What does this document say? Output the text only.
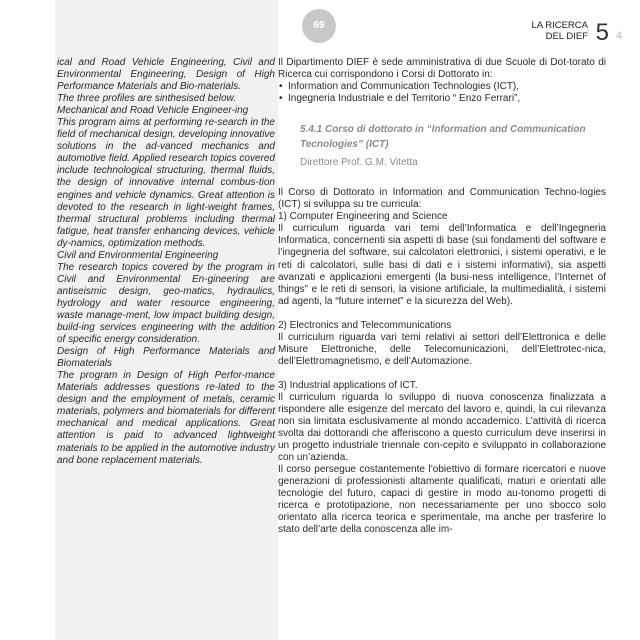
69	LA RICERCA
DEL DIEF 5 4

ical and Road Vehicle Engineering, Civil and Environmental Engineering, Design of High Performance Materials and Bio-materials.

The three profiles are sinthesised below.

Mechanical and Road Vehicle Engineer-ing

This program aims at performing re-search in the field of mechanical design, developing innovative solutions in the ad-vanced mechanics and automotive field. Applied research topics covered include technological structuring, thermal fluids, the design of innovative internal combus-tion engines and vehicle dynamics. Great attention is devoted to the research in light-weight frames, thermal structural problems including thermal fatigue, heat transfer enhancing devices, vehicle dy-namics, optimization methods.

Civil and Environmental Engineering

The research topics covered by the program in Civil and Environmental En-gineering are antiseismic design, geo-matics, hydraulics, hydrology and water resource engineering, waste manage-ment, low impact building design, build-ing services engineering with the addition of specific energy consideration.

Design of High Performance Materials and Biomaterials

The program in Design of High Perfor-mance Materials addresses questions re-lated to the design and the employment of metals, ceramic materials, polymers and biomaterials for different mechanical and medical applications. Great attention is paid to advanced lightweight materials to be applied in the automotive industry and bone replacement materials.

Il Dipartimento DIEF è sede amministrativa di due Scuole di Dot-torato di Ricerca cui corrispondono i Corsi di Dottorato in:

• Information and Communication Technologies (ICT),
• Ingegneria Industriale e del Territorio “ Enzo Ferrari”,
5.4.1 Corso di dottorato in “Information and Communication Tecnologies” (ICT)
Direttore Prof. G.M. Vitetta

Il Corso di Dottorato in Information and Communication Techno-logies (ICT) si sviluppa su tre curricula:

1) Computer Engineering and Science

Il curriculum riguarda vari temi dell’Informatica e dell’Ingegneria Informatica, concernenti sia aspetti di base (sui fondamenti del software e l’ingegneria del software, sui calcolatori elettronici, i sistemi operativi, e le reti di calcolatori, sulle basi di dati e i sistemi informativi), sia aspetti avanzati e applicazioni emergenti (la busi-ness intelligence, l’Internet of things” e le reti di sensori, la visione artificiale, la multimedialità, i sistemi ad agenti, la “future internet” e la sicurezza del Web).

2) Electronics and Telecommunications

Il curriculum riguarda vari temi relativi ai settori dell’Elettronica e delle Misure Elettroniche, delle Telecomunicazioni, dell’Elettrotec-nica, dell’Elettromagnetismo, e dell’Automazione.

3) Industrial applications of ICT.

Il curriculum riguarda lo sviluppo di nuova conoscenza finalizzata a rispondere alle esigenze del mercato del lavoro e, quindi, la cui rilevanza non sia limitata esclusivamente al mondo accademico. L’attività di ricerca svolta dai dottorandi che afferiscono a questo curriculum deve inserirsi in un progetto industriale triennale con-cepito e sviluppato in collaborazione con un’azienda.

Il corso persegue costantemente l’obiettivo di formare ricercatori e nuove generazioni di professionisti altamente qualificati, maturi e orientati alle tecnologie del futuro, capaci di gestire in modo au-tonomo progetti di ricerca e prototipazione, non necessariamente per uno sbocco solo orientato alla ricerca teorica e sperimentale, ma anche per trasferire lo stato dell’arte della conoscenza alle im-
